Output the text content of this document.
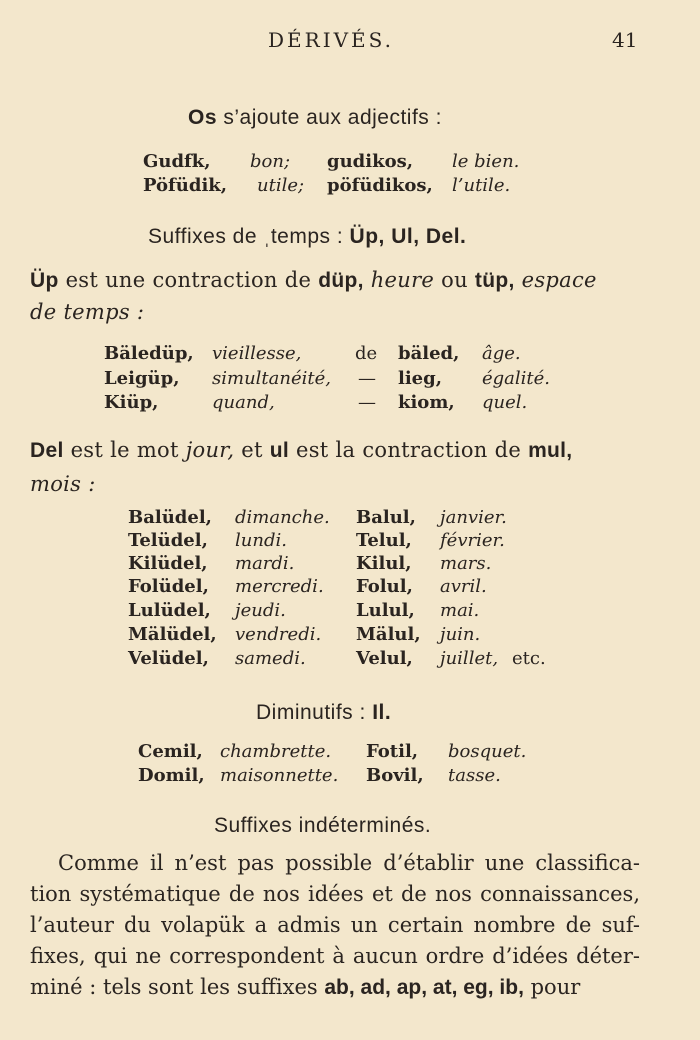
DÉRIVÉS.	41
Os s’ajoute aux adjectifs :
Gudfk, bon; gudikos, le bien.
Pöfüdik, utile; pöfüdikos, l’utile.
Suffixes de ˌtemps : Üp, Ul, Del.
Üp est une contraction de düp, heure ou tüp, espace
de temps :
Bäledüp, vieillesse,	de bäled, âge.
Leigüp, simultanéité, — lieg, égalité.
Kiüp,	quand,	— kiom, quel.
Del est le mot jour, et ul est la contraction de mul,
mois :
Balüdel, dimanche. Balul, janvier.
Telüdel, lundi.	Telul, février.
Kilüdel, mardi.	Kilul, mars.
Folüdel, mercredi. Folul, avril.
Lulüdel, jeudi.	Lulul, mai.
Mälüdel, vendredi. Mälul, juin.
Velüdel, samedi.	Velul, juillet, etc.
Diminutifs : Il.
Cemil, chambrette. Fotil, bosquet.
Domil, maisonnette. Bovil, tasse.
Suffixes indéterminés.
Comme il n’est pas possible d’établir une classifica-
tion systématique de nos idées et de nos connaissances,
l’auteur du volapük a admis un certain nombre de suf-
fixes, qui ne correspondent à aucun ordre d’idées déter-
miné : tels sont les suffixes ab, ad, ap, at, eg, ib, pour
